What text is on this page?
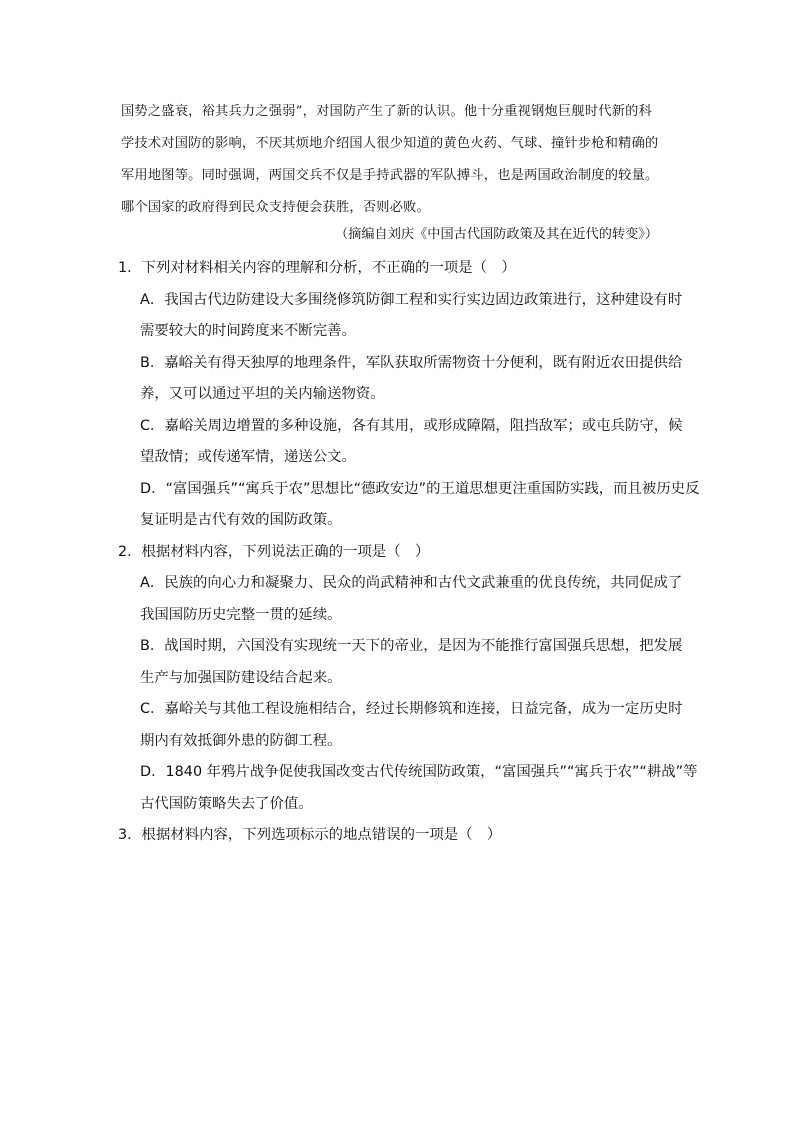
国势之盛衰，裕其兵力之强弱”，对国防产生了新的认识。他十分重视钢炮巨舰时代新的科

学技术对国防的影响，不厌其烦地介绍国人很少知道的黄色火药、气球、撞针步枪和精确的

军用地图等。同时强调，两国交兵不仅是手持武器的军队搏斗，也是两国政治制度的较量。

哪个国家的政府得到民众支持便会获胜，否则必败。

（摘编自刘庆《中国古代国防政策及其在近代的转变》）
1．下列对材料相关内容的理解和分析，不正确的一项是（　）
A．我国古代边防建设大多围绕修筑防御工程和实行实边固边政策进行，这种建设有时
需要较大的时间跨度来不断完善。
B．嘉峪关有得天独厚的地理条件，军队获取所需物资十分便利，既有附近农田提供给
养，又可以通过平坦的关内输送物资。
C．嘉峪关周边增置的多种设施，各有其用，或形成障隔，阻挡敌军；或屯兵防守，候
望敌情；或传递军情，递送公文。
D．“富国强兵”“寓兵于农”思想比“德政安边”的王道思想更注重国防实践，而且被历史反
复证明是古代有效的国防政策。
2．根据材料内容，下列说法正确的一项是（　）
A．民族的向心力和凝聚力、民众的尚武精神和古代文武兼重的优良传统，共同促成了
我国国防历史完整一贯的延续。
B．战国时期，六国没有实现统一天下的帝业，是因为不能推行富国强兵思想，把发展
生产与加强国防建设结合起来。
C．嘉峪关与其他工程设施相结合，经过长期修筑和连接，日益完备，成为一定历史时
期内有效抵御外患的防御工程。
D．1840 年鸦片战争促使我国改变古代传统国防政策，“富国强兵”“寓兵于农”“耕战”等
古代国防策略失去了价值。
3．根据材料内容，下列选项标示的地点错误的一项是（　）
